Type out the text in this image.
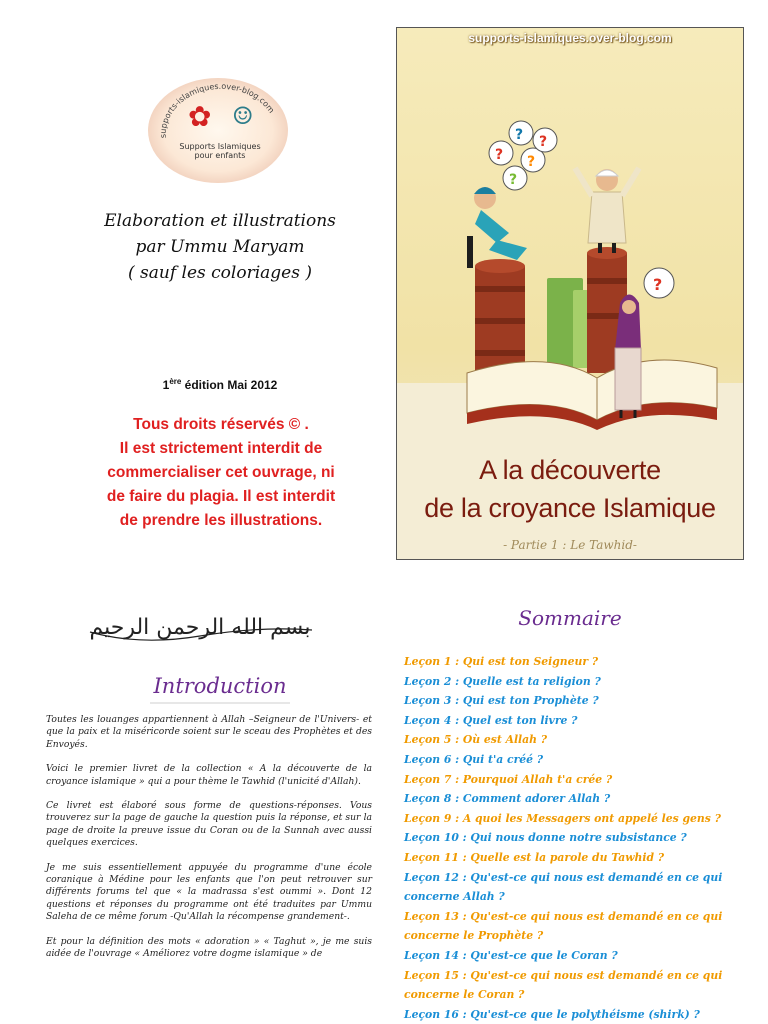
supports-islamiques.over-blog.com
✿ ☺
Supports Islamiques pour enfants
Elaboration et illustrations
par Ummu Maryam
( sauf les coloriages )
1ère édition Mai 2012
Tous droits réservés © .
Il est strictement interdit de
commercialiser cet ouvrage, ni
de faire du plagia. Il est interdit
de prendre les illustrations.
supports-islamiques.over-blog.com
?
?
?
?
?
?
A la découverte
de la croyance Islamique
- Partie 1 : Le Tawhid-
بسم الله الرحمن الرحيم
Introduction

Toutes les louanges appartiennent à Allah –Seigneur de l'Univers- et que la paix et la miséricorde soient sur le sceau des Prophètes et des Envoyés.

Voici le premier livret de la collection « A la découverte de la croyance islamique » qui a pour thème le Tawhid (l'unicité d'Allah).

Ce livret est élaboré sous forme de questions-réponses. Vous trouverez sur la page de gauche la question puis la réponse, et sur la page de droite la preuve issue du Coran ou de la Sunnah avec aussi quelques exercices.

Je me suis essentiellement appuyée du programme d'une école coranique à Médine pour les enfants que l'on peut retrouver sur différents forums tel que « la madrassa s'est oummi ». Dont 12 questions et réponses du programme ont été traduites par Ummu Saleha de ce même forum -Qu'Allah la récompense grandement-.

Et pour la définition des mots « adoration » « Taghut », je me suis aidée de l'ouvrage « Améliorez votre dogme islamique » de

Sommaire
Leçon 1 : Qui est ton Seigneur ?
Leçon 2 : Quelle est ta religion ?
Leçon 3 : Qui est ton Prophète ?
Leçon 4 : Quel est ton livre ?
Leçon 5 : Où est Allah ?
Leçon 6 : Qui t'a créé ?
Leçon 7 : Pourquoi Allah t'a crée ?
Leçon 8 : Comment adorer Allah ?
Leçon 9 : A quoi les Messagers ont appelé les gens ?
Leçon 10 : Qui nous donne notre subsistance ?
Leçon 11 : Quelle est la parole du Tawhid ?
Leçon 12 : Qu'est-ce qui nous est demandé en ce qui
concerne Allah ?
Leçon 13 : Qu'est-ce qui nous est demandé en ce qui
concerne le Prophète ?
Leçon 14 : Qu'est-ce que le Coran ?
Leçon 15 : Qu'est-ce qui nous est demandé en ce qui
concerne le Coran ?
Leçon 16 : Qu'est-ce que le polythéisme (shirk) ?
